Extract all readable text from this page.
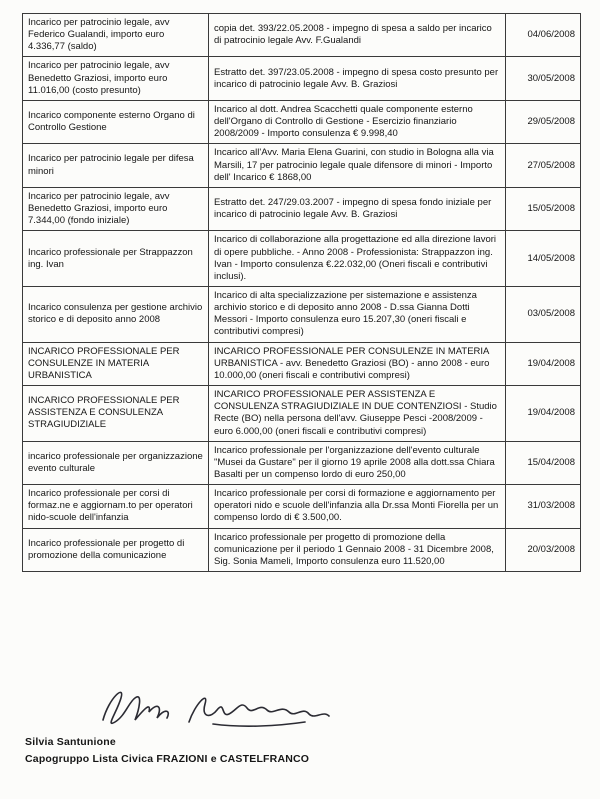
Incarico per patrocinio legale, avv Federico Gualandi, importo euro 4.336,77 (saldo)	copia det. 393/22.05.2008 - impegno di spesa a saldo per incarico di patrocinio legale Avv. F.Gualandi	04/06/2008
Incarico per patrocinio legale, avv Benedetto Graziosi, importo euro 11.016,00 (costo presunto)	Estratto det. 397/23.05.2008 - impegno di spesa costo presunto per incarico di patrocinio legale Avv. B. Graziosi	30/05/2008
Incarico componente esterno Organo di Controllo Gestione	Incarico al dott. Andrea Scacchetti quale componente esterno dell'Organo di Controllo di Gestione - Esercizio finanziario 2008/2009 - Importo consulenza € 9.998,40	29/05/2008
Incarico per patrocinio legale per difesa minori	Incarico all'Avv. Maria Elena Guarini, con studio in Bologna alla via Marsili, 17 per patrocinio legale quale difensore di minori - Importo dell' Incarico € 1868,00	27/05/2008
Incarico per patrocinio legale, avv Benedetto Graziosi, importo euro 7.344,00 (fondo iniziale)	Estratto det. 247/29.03.2007 - impegno di spesa fondo iniziale per incarico di patrocinio legale Avv. B. Graziosi	15/05/2008
Incarico professionale per Strappazzon ing. Ivan	Incarico di collaborazione alla progettazione ed alla direzione lavori di opere pubbliche. - Anno 2008 - Professionista: Strappazzon ing. Ivan - Importo consulenza €.22.032,00 (Oneri fiscali e contributivi inclusi).	14/05/2008
Incarico consulenza per gestione archivio storico e di deposito anno 2008	Incarico di alta specializzazione per sistemazione e assistenza archivio storico e di deposito anno 2008 - D.ssa Gianna Dotti Messori - Importo consulenza euro 15.207,30 (oneri fiscali e contributivi compresi)	03/05/2008
INCARICO PROFESSIONALE PER CONSULENZE IN MATERIA URBANISTICA	INCARICO PROFESSIONALE PER CONSULENZE IN MATERIA URBANISTICA - avv. Benedetto Graziosi (BO) - anno 2008 - euro 10.000,00 (oneri fiscali e contributivi compresi)	19/04/2008
INCARICO PROFESSIONALE PER ASSISTENZA E CONSULENZA STRAGIUDIZIALE	INCARICO PROFESSIONALE PER ASSISTENZA E CONSULENZA STRAGIUDIZIALE IN DUE CONTENZIOSI - Studio Recte (BO) nella persona dell'avv. Giuseppe Pesci -2008/2009 - euro 6.000,00 (oneri fiscali e contributivi compresi)	19/04/2008
incarico professionale per organizzazione evento culturale	Incarico professionale per l'organizzazione dell'evento culturale "Musei da Gustare" per il giorno 19 aprile 2008 alla dott.ssa Chiara Basalti per un compenso lordo di euro 250,00	15/04/2008
Incarico professionale per corsi di formaz.ne e aggiornam.to per operatori nido-scuole dell'infanzia	Incarico professionale per corsi di formazione e aggiornamento per operatori nido e scuole dell'infanzia alla Dr.ssa Monti Fiorella per un compenso lordo di € 3.500,00.	31/03/2008
Incarico professionale per progetto di promozione della comunicazione	Incarico professionale per progetto di promozione della comunicazione per il periodo 1 Gennaio 2008 - 31 Dicembre 2008, Sig. Sonia Mameli, Importo consulenza euro 11.520,00	20/03/2008
Silvia Santunione
Capogruppo Lista Civica FRAZIONI e CASTELFRANCO
